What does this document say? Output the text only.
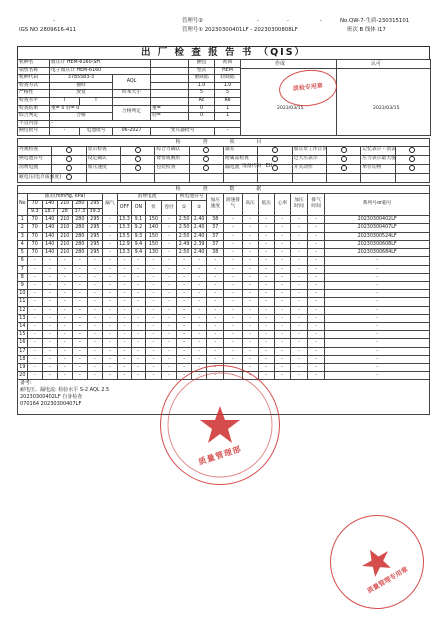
-	管理号②	-	-	-	No.QW-7-生质-230315101
IGS NO 2809616-411	管理号① 20230300401LF - 20230300808LF	班次 B 线体 I17
出 厂 检 查 报 告 书 （QIS）
机种名	血压计 HEM-6160-SH				捆包	初回	作成 认可
2023/03/15 2023/03/15
质检专用章

销售名称	电子血压计 HEM-6160				型式	HEM	
机种代码	3785583-3		AQL		重缺陷	轻缺陷	
检查方式	抽样				1.0	1.0	
严格性	放宽		样本大小		5	5	
检查水平	I	I			Ac	Re	
检查结果	重= 0 轻= 0		合格判定	重=	0	1	
综合判定	合格			轻=	0	1	
不良内容	-						
捆包批号	-	电池批号	06-2027	变压器批号		-	
设备代码 EH
检 查 项 目											
外观检查		显示检查		综合力确认		器差		加压泵工作正常		记忆表示・消去	
换电池符号		设定确认		臂带或腕带		附属品检查		过大压表示		压力表示最大值	
消费电流		加压速度		包装检查		漏电流		开关动作		单位切换	
耐电压(电介质强度)											
检 查 数 据																				
No	器差(mmHg, kPa)					漏气	消费电流				换电池符号		加压速度	滑速排气	高压	低压	心率	加压时间	排气时间	系列号or箱号
	70	140	210	280	295		OFF	ON	泵	卷付	①	②								
	9.3	18.7	28	37.3	39.3															
1	70	140	210	280	295	-	13.3	9.1	150	-	2.50	2.40	38	-	-	-	-	-	-	20230300402LF
2	70	140	210	280	295	-	13.3	9.2	140	-	2.50	2.40	37	-	-	-	-	-	-	20230300407LF
3	70	140	210	280	295	-	13.5	9.3	150	-	2.50	2.40	37	-	-	-	-	-	-	20230300524LF
4	70	140	210	280	295	-	12.9	9.4	150	-	2.49	2.39	37	-	-	-	-	-	-	20230300608LF
5	70	140	210	280	295	-	13.3	9.4	130	-	2.50	2.40	38	-	-	-	-	-	-	20230300684LF
6	-	-	-	-	-	-	-	-	-	-	-	-	-	-	-	-	-	-	-	-
7	-	-	-	-	-	-	-	-	-	-	-	-	-	-	-	-	-	-	-	-
8	-	-	-	-	-	-	-	-	-	-	-	-	-	-	-	-	-	-	-	-
9	-	-	-	-	-	-	-	-	-	-	-	-	-	-	-	-	-	-	-	-
10	-	-	-	-	-	-	-	-	-	-	-	-	-	-	-	-	-	-	-	-
11	-	-	-	-	-	-	-	-	-	-	-	-	-	-	-	-	-	-	-	-
12	-	-	-	-	-	-	-	-	-	-	-	-	-	-	-	-	-	-	-	-
13	-	-	-	-	-	-	-	-	-	-	-	-	-	-	-	-	-	-	-	-
14	-	-	-	-	-	-	-	-	-	-	-	-	-	-	-	-	-	-	-	-
15	-	-	-	-	-	-	-	-	-	-	-	-	-	-	-	-	-	-	-	-
16	-	-	-	-	-	-	-	-	-	-	-	-	-	-	-	-	-	-	-	-
17	-	-	-	-	-	-	-	-	-	-	-	-	-	-	-	-	-	-	-	-
18	-	-	-	-	-	-	-	-	-	-	-	-	-	-	-	-	-	-	-	-
19	-	-	-	-	-	-	-	-	-	-	-	-	-	-	-	-	-	-	-	-
20	-	-	-	-	-	-	-	-	-	-	-	-	-	-	-	-	-	-	-	-
备考:
耐电压、漏电流: 检验水平 S-2 AQL 2.5
20230300402LF 自身检查
070164 20230300407LF
质量管理部
质量管理专用章
